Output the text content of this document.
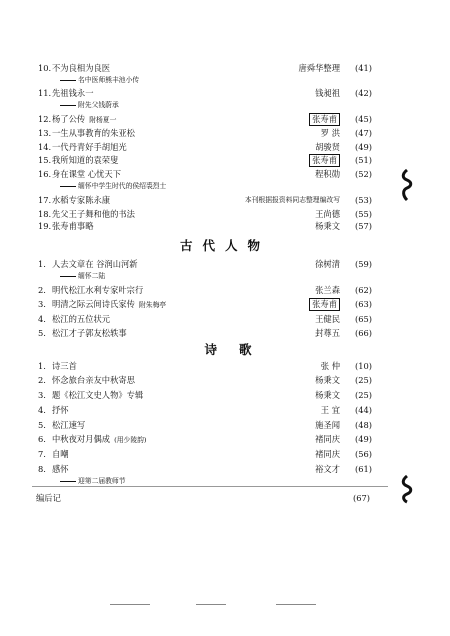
10. 不为良相为良医	唐舜华整理 (41)
名中医师熊丰池小传
11. 先祖钱永一	钱昶祖 (42)
附先父钱蔚承
12. 杨了公传 附杨夏一	张寿甫	(45)
13. 一生从事教育的朱亚松	罗 洪 (47)
14. 一代丹青好手胡旭光	胡骏贤 (49)
15. 我所知道的袁荣叟	张寿甫	(51)
16. 身在课堂 心忧天下	程积勋 (52)
缅怀中学生时代的侯绍裘烈士
17. 水稻专家陈永康	本刊根据报资料同志整理编改写 (53)
18. 先父王子舞和他的书法	王尚德 (55)
19. 张寿甫事略	杨秉文 (57)
古代人物
1. 人去文章在 谷润山河新	徐树清 (59)
缅怀二陆
2. 明代松江水利专家叶宗行	张兰森 (62)
3. 明清之际云间诗氏家传 附朱梅亭	张寿甫	(63)
4. 松江的五位状元	王健民 (65)
5. 松江才子郭友松轶事	封尊五 (66)
诗歌
1. 诗三首	张 仲 (10)
2. 怀念旅台亲友中秋寄思	杨秉文 (25)
3. 题《松江文史人物》专辑	杨秉文 (25)
4. 抒怀	王 宜 (44)
5. 松江速写	施圣闻 (48)
6. 中秋夜对月偶成 (用少陵韵)	褚同庆 (49)
7. 自嘲	褚同庆 (56)
8. 感怀	裕文才 (61)
迎第二届教师节
编后记	(67)
